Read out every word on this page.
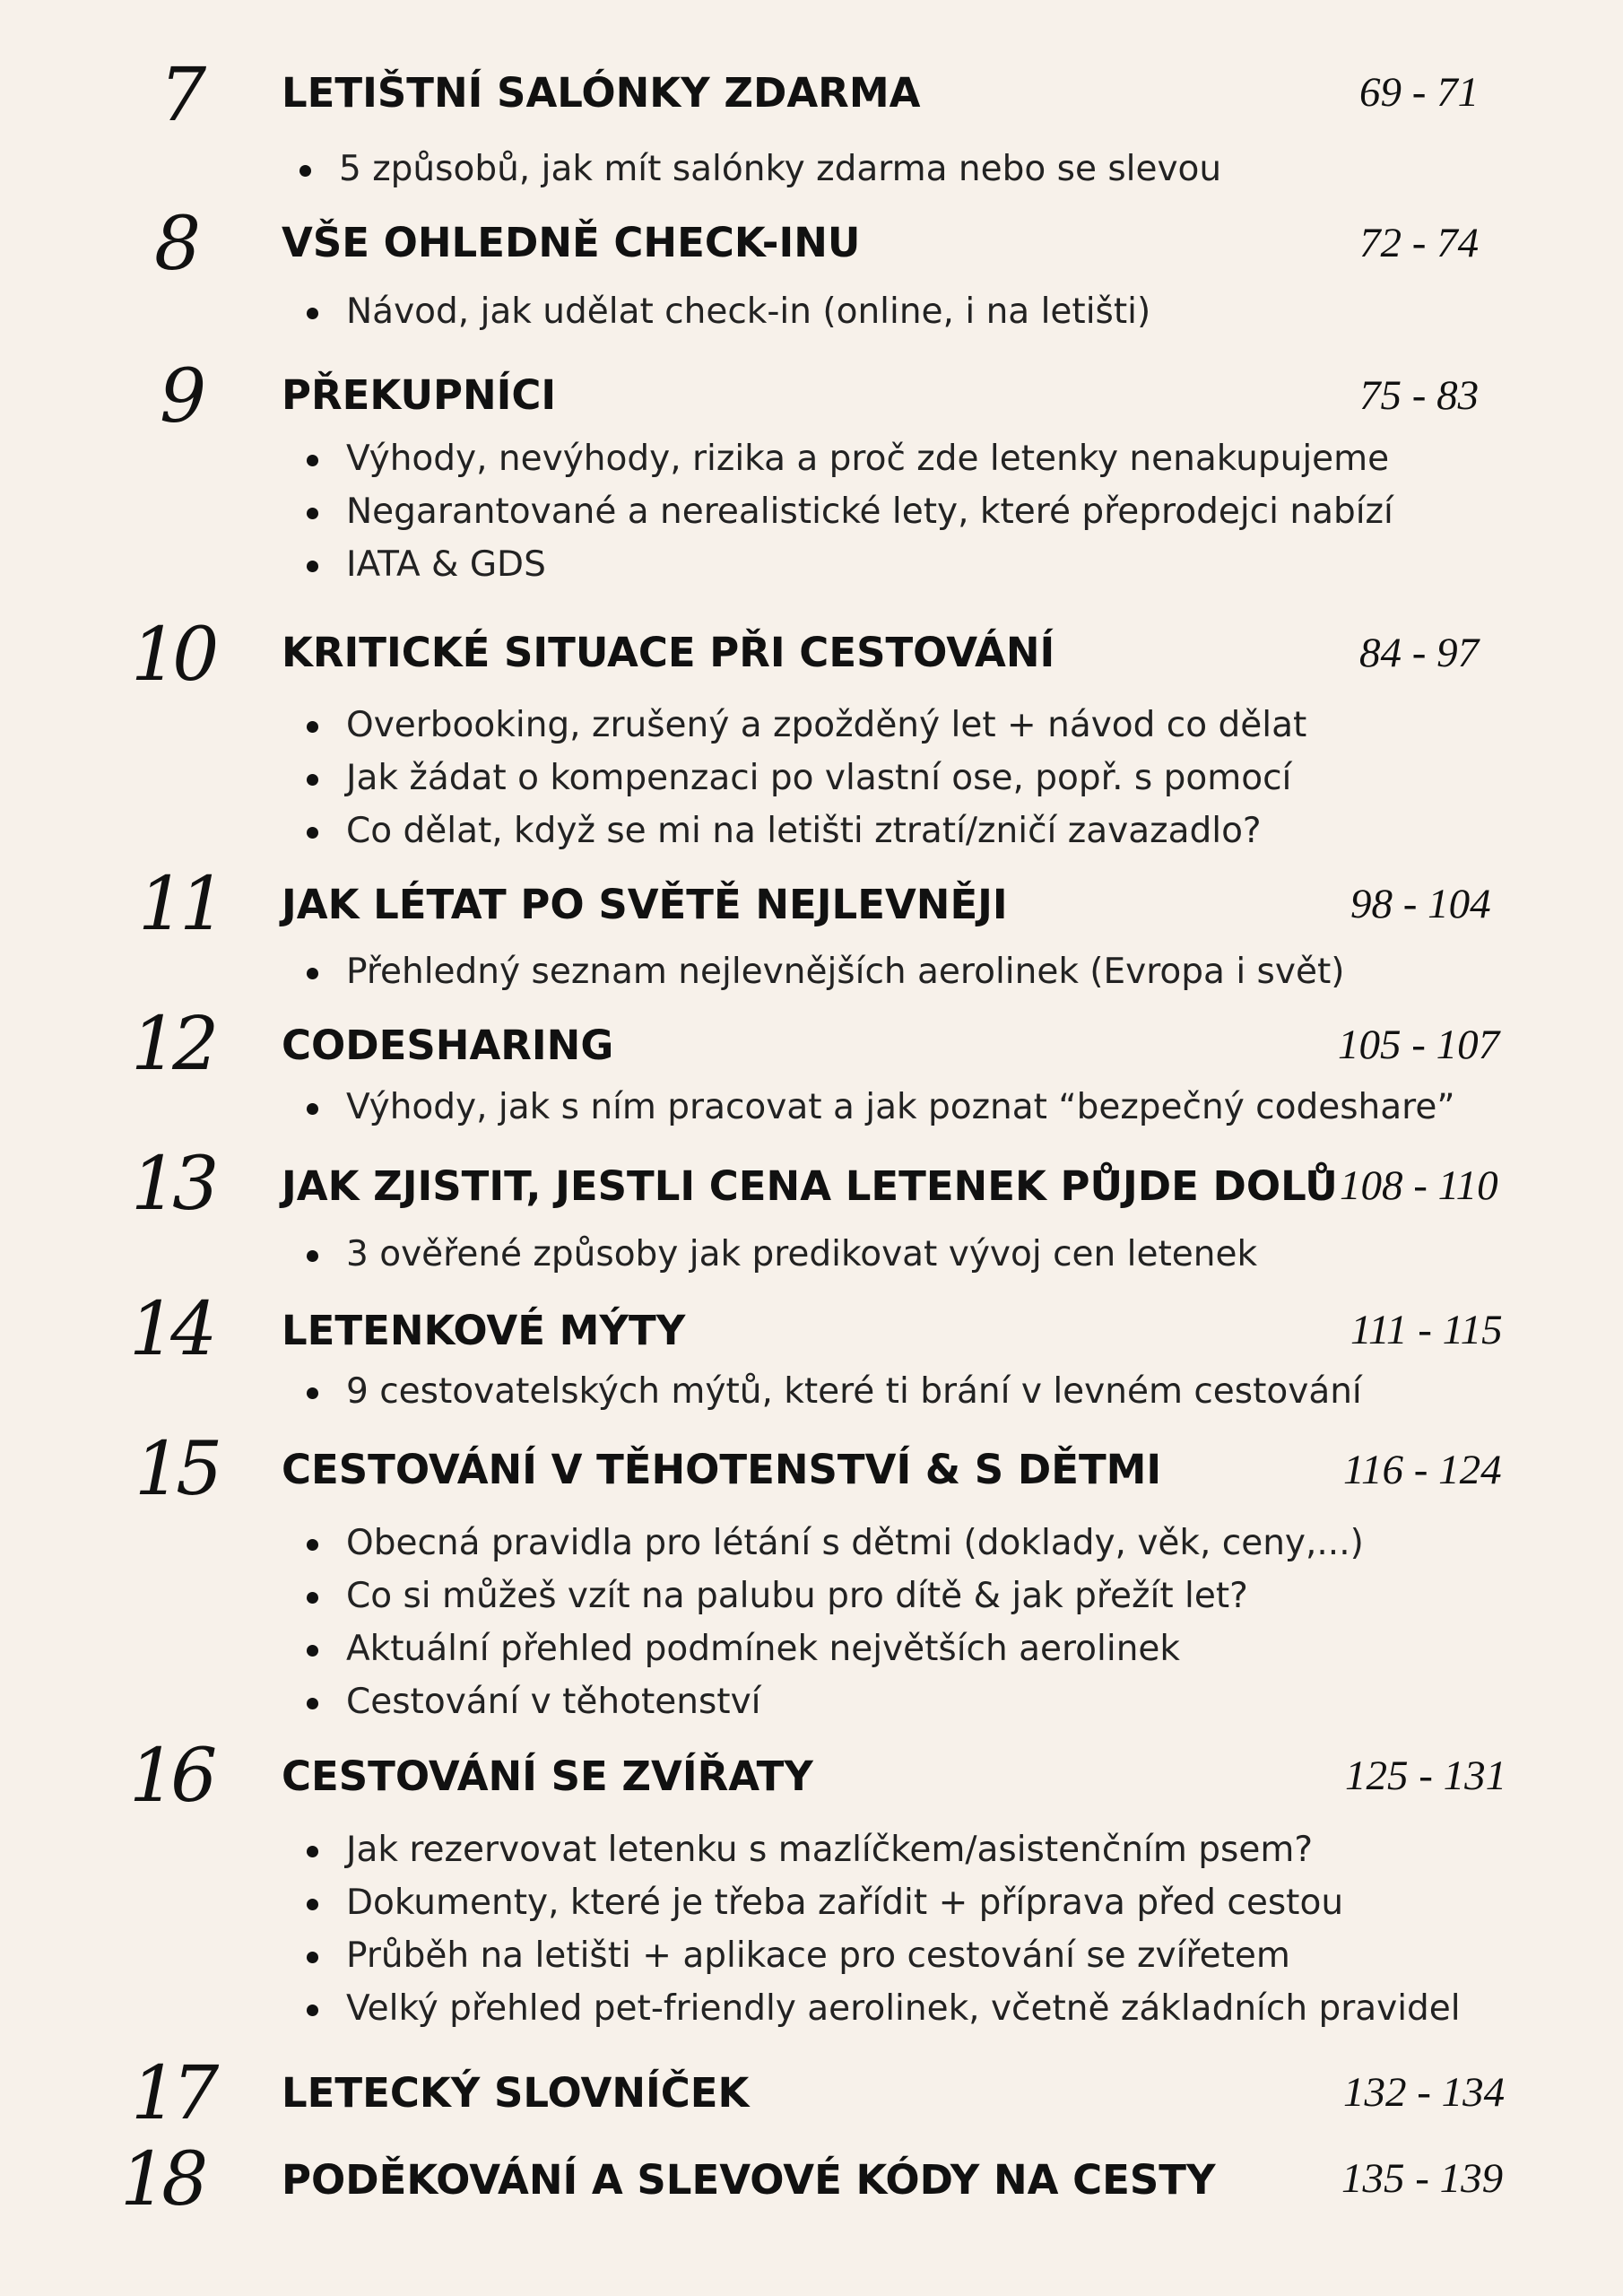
7 LETIŠTNÍ SALÓNKY ZDARMA	69 - 71
5 způsobů, jak mít salónky zdarma nebo se slevou
8 VŠE OHLEDNĚ CHECK-INU	72 - 74
Návod, jak udělat check-in (online, i na letišti)
9 PŘEKUPNÍCI	75 - 83
Výhody, nevýhody, rizika a proč zde letenky nenakupujeme
Negarantované a nerealistické lety, které přeprodejci nabízí
IATA & GDS
10 KRITICKÉ SITUACE PŘI CESTOVÁNÍ	84 - 97
Overbooking, zrušený a zpožděný let + návod co dělat
Jak žádat o kompenzaci po vlastní ose, popř. s pomocí
Co dělat, když se mi na letišti ztratí/zničí zavazadlo?
11 JAK LÉTAT PO SVĚTĚ NEJLEVNĚJI	98 - 104
Přehledný seznam nejlevnějších aerolinek (Evropa i svět)
12 CODESHARING	105 - 107
Výhody, jak s ním pracovat a jak poznat “bezpečný codeshare”
13 JAK ZJISTIT, JESTLI CENA LETENEK PŮJDE DOLŮ 108 - 110
3 ověřené způsoby jak predikovat vývoj cen letenek
14 LETENKOVÉ MÝTY	111 - 115
9 cestovatelských mýtů, které ti brání v levném cestování
15 CESTOVÁNÍ V TĚHOTENSTVÍ & S DĚTMI	116 - 124
Obecná pravidla pro létání s dětmi (doklady, věk, ceny,...)
Co si můžeš vzít na palubu pro dítě & jak přežít let?
Aktuální přehled podmínek největších aerolinek
Cestování v těhotenství
16 CESTOVÁNÍ SE ZVÍŘATY	125 - 131
Jak rezervovat letenku s mazlíčkem/asistenčním psem?
Dokumenty, které je třeba zařídit + příprava před cestou
Průběh na letišti + aplikace pro cestování se zvířetem
Velký přehled pet-friendly aerolinek, včetně základních pravidel
17 LETECKÝ SLOVNÍČEK	132 - 134
18 PODĚKOVÁNÍ A SLEVOVÉ KÓDY NA CESTY	135 - 139
